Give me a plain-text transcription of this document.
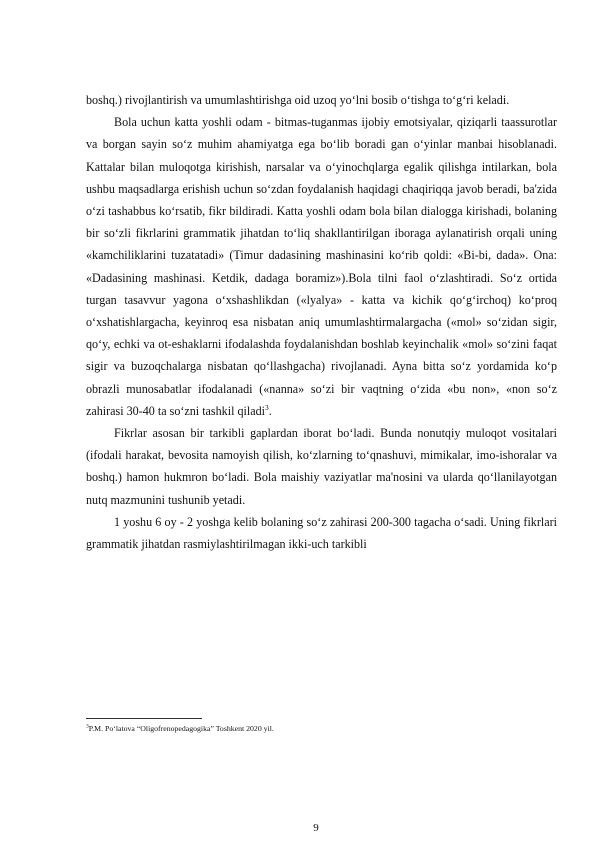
boshq.) rivojlantirish va umumlashtirishga oid uzoq yo‘lni bosib o‘tishga to‘g‘ri keladi.

Bola uchun katta yoshli odam - bitmas-tuganmas ijobiy emotsiyalar, qiziqarli taassurotlar va borgan sayin so‘z muhim ahamiyatga ega bo‘lib boradi gan o‘yinlar manbai hisoblanadi. Kattalar bilan muloqotga kirishish, narsalar va o‘yinochqlarga egalik qilishga intilarkan, bola ushbu maqsadlarga erishish uchun so‘zdan foydalanish haqidagi chaqiriqqa javob beradi, ba'zida o‘zi tashabbus ko‘rsatib, fikr bildiradi. Katta yoshli odam bola bilan dialogga kirishadi, bolaning bir so‘zli fikrlarini grammatik jihatdan to‘liq shakllantirilgan iboraga aylanatirish orqali uning «kamchiliklarini tuzatatadi» (Timur dadasining mashinasini ko‘rib qoldi: «Bi-bi, dada». Ona: «Dadasining mashinasi. Ketdik, dadaga boramiz»).Bola tilni faol o‘zlashtiradi. So‘z ortida turgan tasavvur yagona o‘xshashlikdan («lyalya» - katta va kichik qo‘g‘irchoq) ko‘proq o‘xshatishlargacha, keyinroq esa nisbatan aniq umumlashtirmalargacha («mol» so‘zidan sigir, qo‘y, echki va ot-eshaklarni ifodalashda foydalanishdan boshlab keyinchalik «mol» so‘zini faqat sigir va buzoqchalarga nisbatan qo‘llashgacha) rivojlanadi. Ayna bitta so‘z yordamida ko‘p obrazli munosabatlar ifodalanadi («nanna» so‘zi bir vaqtning o‘zida «bu non», «non so‘z zahirasi 30-40 ta so‘zni tashkil qiladi$^3$.

Fikrlar asosan bir tarkibli gaplardan iborat bo‘ladi. Bunda nonutqiy muloqot vositalari (ifodali harakat, bevosita namoyish qilish, ko‘zlarning to‘qnashuvi, mimikalar, imo-ishoralar va boshq.) hamon hukmron bo‘ladi. Bola maishiy vaziyatlar ma'nosini va ularda qo‘llanilayotgan nutq mazmunini tushunib yetadi.

1 yoshu 6 oy - 2 yoshga kelib bolaning so‘z zahirasi 200-300 tagacha o‘sadi. Uning fikrlari grammatik jihatdan rasmiylashtirilmagan ikki-uch tarkibli

$^3$P.M. Po‘latova “Oligofrenopedagogika” Toshkent 2020 yil.
9
